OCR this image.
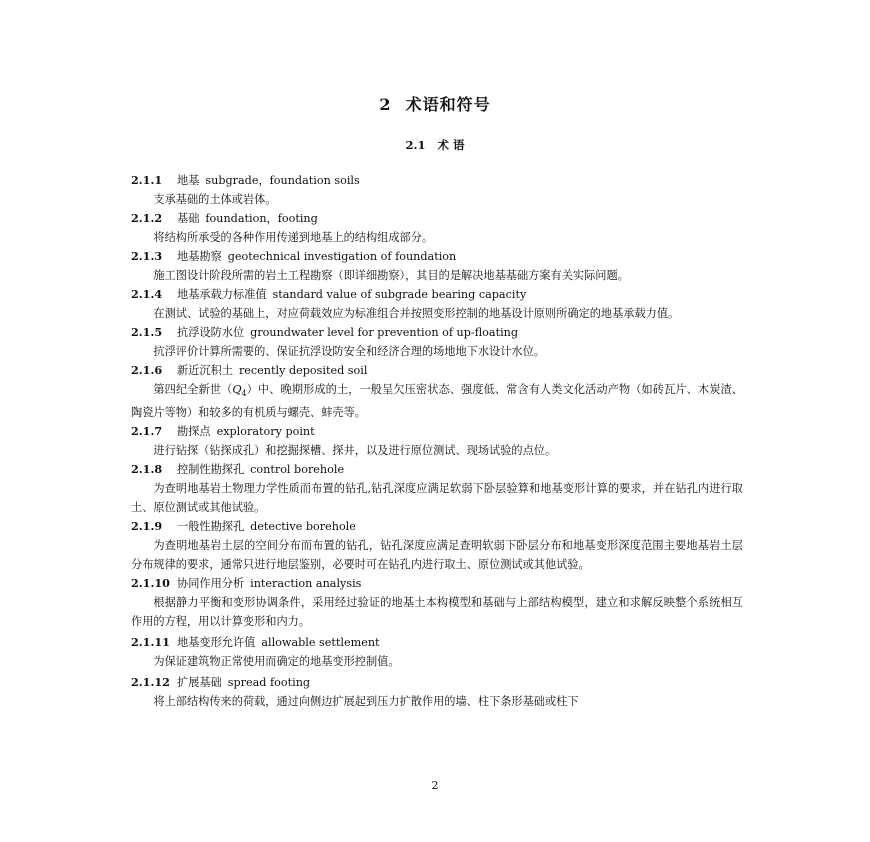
2 术语和符号
2.1 术 语
2.1.1 地基 subgrade，foundation soils

支承基础的土体或岩体。

2.1.2 基础 foundation，footing

将结构所承受的各种作用传递到地基上的结构组成部分。

2.1.3 地基勘察 geotechnical investigation of foundation

施工图设计阶段所需的岩土工程勘察（即详细勘察），其目的是解决地基基础方案有关实际问题。

2.1.4 地基承载力标准值 standard value of subgrade bearing capacity

在测试、试验的基础上，对应荷载效应为标准组合并按照变形控制的地基设计原则所确定的地基承载力值。

2.1.5 抗浮设防水位 groundwater level for prevention of up-floating

抗浮评价计算所需要的、保证抗浮设防安全和经济合理的场地地下水设计水位。

2.1.6 新近沉积土 recently deposited soil

第四纪全新世$(Q_4)$中、晚期形成的土，一般呈欠压密状态、强度低、常含有人类文化活动产物（如砖瓦片、木炭渣、陶瓷片等物）和较多的有机质与螺壳、蚌壳等。

2.1.7 勘探点 exploratory point

进行钻探（钻探成孔）和挖掘探槽、探井，以及进行原位测试、现场试验的点位。

2.1.8 控制性勘探孔 control borehole

为查明地基岩土物理力学性质而布置的钻孔,钻孔深度应满足软弱下卧层验算和地基变形计算的要求，并在钻孔内进行取土、原位测试或其他试验。

2.1.9 一般性勘探孔 detective borehole

为查明地基岩土层的空间分布而布置的钻孔，钻孔深度应满足查明软弱下卧层分布和地基变形深度范围主要地基岩土层分布规律的要求，通常只进行地层鉴别，必要时可在钻孔内进行取土、原位测试或其他试验。

2.1.10 协同作用分析 interaction analysis

根据静力平衡和变形协调条件，采用经过验证的地基土本构模型和基础与上部结构模型，建立和求解反映整个系统相互作用的方程，用以计算变形和内力。

2.1.11 地基变形允许值 allowable settlement

为保证建筑物正常使用而确定的地基变形控制值。

2.1.12 扩展基础 spread footing

将上部结构传来的荷载，通过向侧边扩展起到压力扩散作用的墙、柱下条形基础或柱下

2
